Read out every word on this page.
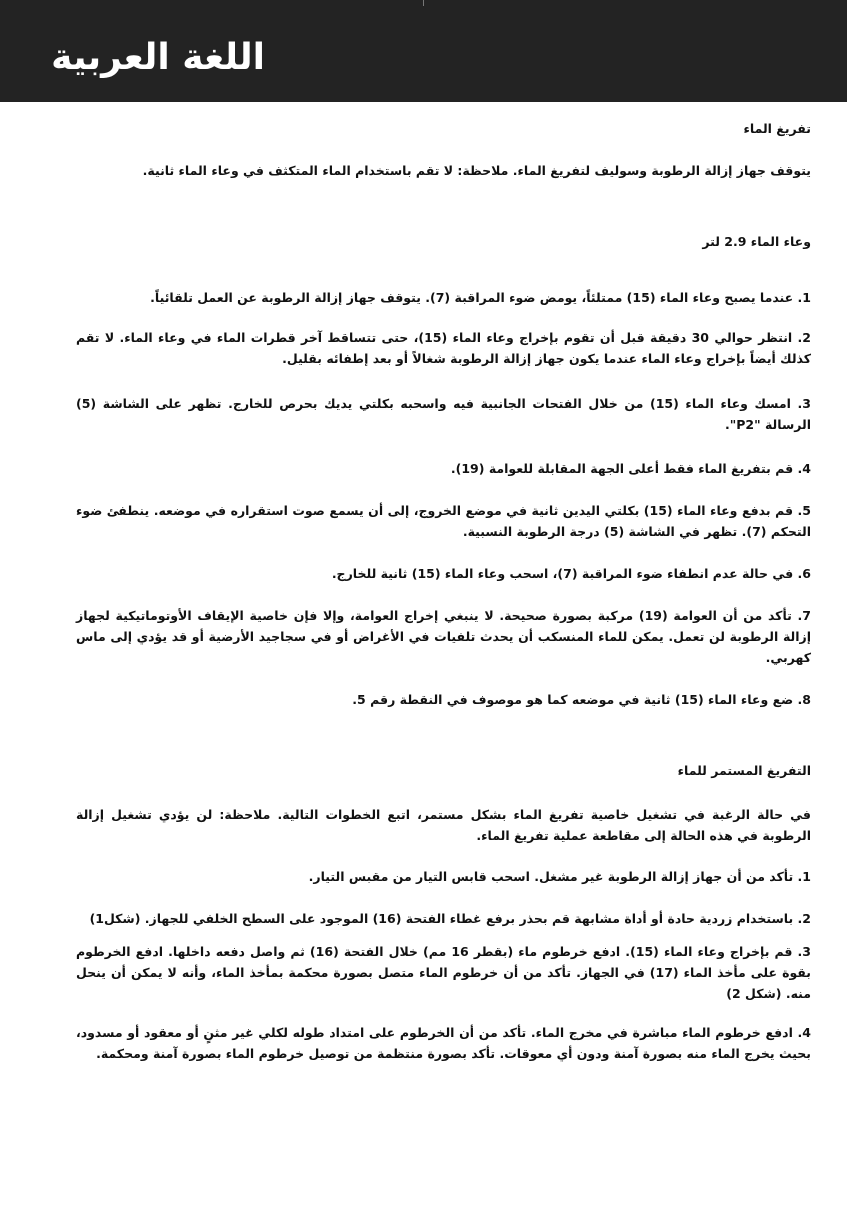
اللغة العربية

تفريغ الماء

يتوقف جهاز إزالة الرطوبة وسوليف لتفريغ الماء. ملاحظة: لا تقم باستخدام الماء المتكثف في وعاء الماء ثانية.

وعاء الماء 2.9 لتر

1. عندما يصبح وعاء الماء (15) ممتلئاً، يومض ضوء المراقبة (7). يتوقف جهاز إزالة الرطوبة عن العمل تلقائياً.

2. انتظر حوالي 30 دقيقة قبل أن تقوم بإخراج وعاء الماء (15)، حتى تتساقط آخر قطرات الماء في وعاء الماء. لا تقم كذلك أيضاً بإخراج وعاء الماء عندما يكون جهاز إزالة الرطوبة شغالاً أو بعد إطفائه بقليل.

3. امسك وعاء الماء (15) من خلال الفتحات الجانبية فيه واسحبه بكلتي يديك بحرص للخارج. تظهر على الشاشة (5) الرسالة "P2".

4. قم بتفريغ الماء فقط أعلى الجهة المقابلة للعوامة (19).

5. قم بدفع وعاء الماء (15) بكلتي اليدين ثانية في موضع الخروج، إلى أن يسمع صوت استقراره في موضعه. ينطفئ ضوء التحكم (7). تظهر في الشاشة (5) درجة الرطوبة النسبية.

6. في حالة عدم انطفاء ضوء المراقبة (7)، اسحب وعاء الماء (15) ثانية للخارج.

7. تأكد من أن العوامة (19) مركبة بصورة صحيحة. لا ينبغي إخراج العوامة، وإلا فإن خاصية الإيقاف الأوتوماتيكية لجهاز إزالة الرطوبة لن تعمل. يمكن للماء المنسكب أن يحدث تلفيات في الأغراض أو في سجاجيد الأرضية أو قد يؤدي إلى ماس كهربي.

8. ضع وعاء الماء (15) ثانية في موضعه كما هو موصوف في النقطة رقم 5.

التفريغ المستمر للماء

في حالة الرغبة في تشغيل خاصية تفريغ الماء بشكل مستمر، اتبع الخطوات التالية. ملاحظة: لن يؤدي تشغيل إزالة الرطوبة في هذه الحالة إلى مقاطعة عملية تفريغ الماء.

1. تأكد من أن جهاز إزالة الرطوبة غير مشغل. اسحب قابس التيار من مقبس التيار.

2. باستخدام زردية حادة أو أداة مشابهة قم بحذر برفع غطاء الفتحة (16) الموجود على السطح الخلفي للجهاز. (شكل1)

3. قم بإخراج وعاء الماء (15). ادفع خرطوم ماء (بقطر 16 مم) خلال الفتحة (16) ثم واصل دفعه داخلها. ادفع الخرطوم بقوة على مأخذ الماء (17) في الجهاز. تأكد من أن خرطوم الماء متصل بصورة محكمة بمأخذ الماء، وأنه لا يمكن أن ينحل منه. (شكل 2)

4. ادفع خرطوم الماء مباشرة في مخرج الماء. تأكد من أن الخرطوم على امتداد طوله لكلي غير مثنٍ أو معقود أو مسدود، بحيث يخرج الماء منه بصورة آمنة ودون أي معوقات. تأكد بصورة منتظمة من توصيل خرطوم الماء بصورة آمنة ومحكمة.
